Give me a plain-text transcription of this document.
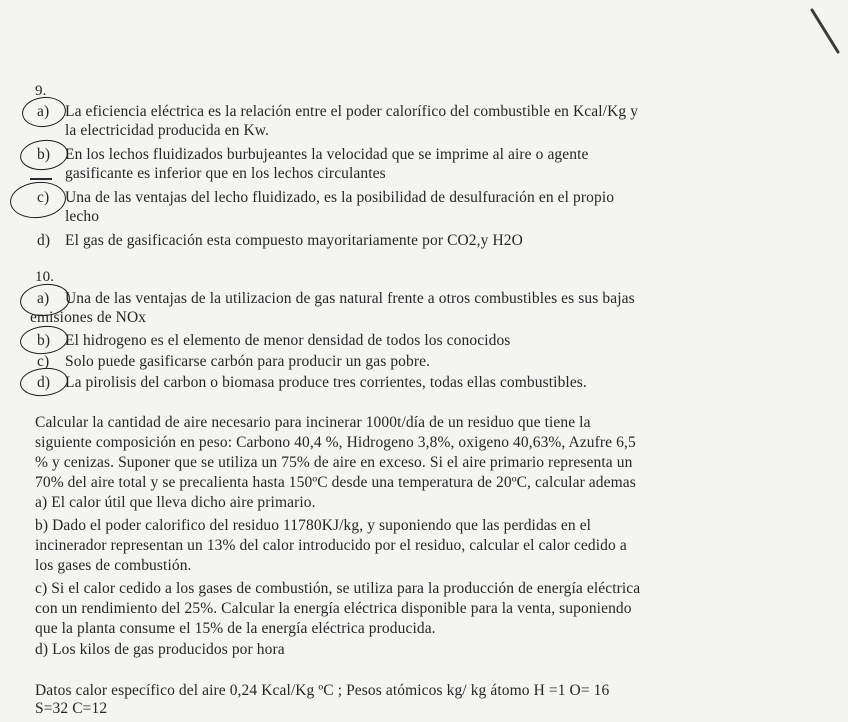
9.
a) La eficiencia eléctrica es la relación entre el poder calorífico del combustible en Kcal/Kg y
la electricidad producida en Kw.
b) En los lechos fluidizados burbujeantes la velocidad que se imprime al aire o agente
gasificante es inferior que en los lechos circulantes
c) Una de las ventajas del lecho fluidizado, es la posibilidad de desulfuración en el propio
lecho
d) El gas de gasificación esta compuesto mayoritariamente por CO2,y H2O
10.
a) Una de las ventajas de la utilizacion de gas natural frente a otros combustibles es sus bajas
emisiones de NOx
b) El hidrogeno es el elemento de menor densidad de todos los conocidos
c) Solo puede gasificarse carbón para producir un gas pobre.
d) La pirolisis del carbon o biomasa produce tres corrientes, todas ellas combustibles.
Calcular la cantidad de aire necesario para incinerar 1000t/día de un residuo que tiene la
siguiente composición en peso: Carbono 40,4 %, Hidrogeno 3,8%, oxigeno 40,63%, Azufre 6,5
% y cenizas. Suponer que se utiliza un 75% de aire en exceso. Si el aire primario representa un
70% del aire total y se precalienta hasta 150ºC desde una temperatura de 20ºC, calcular ademas
a) El calor útil que lleva dicho aire primario.
b) Dado el poder calorifico del residuo 11780KJ/kg, y suponiendo que las perdidas en el
incinerador representan un 13% del calor introducido por el residuo, calcular el calor cedido a
los gases de combustión.
c) Si el calor cedido a los gases de combustión, se utiliza para la producción de energía eléctrica
con un rendimiento del 25%. Calcular la energía eléctrica disponible para la venta, suponiendo
que la planta consume el 15% de la energía eléctrica producida.
d) Los kilos de gas producidos por hora
Datos calor específico del aire 0,24 Kcal/Kg ºC ; Pesos atómicos kg/ kg átomo H =1 O= 16
S=32 C=12
